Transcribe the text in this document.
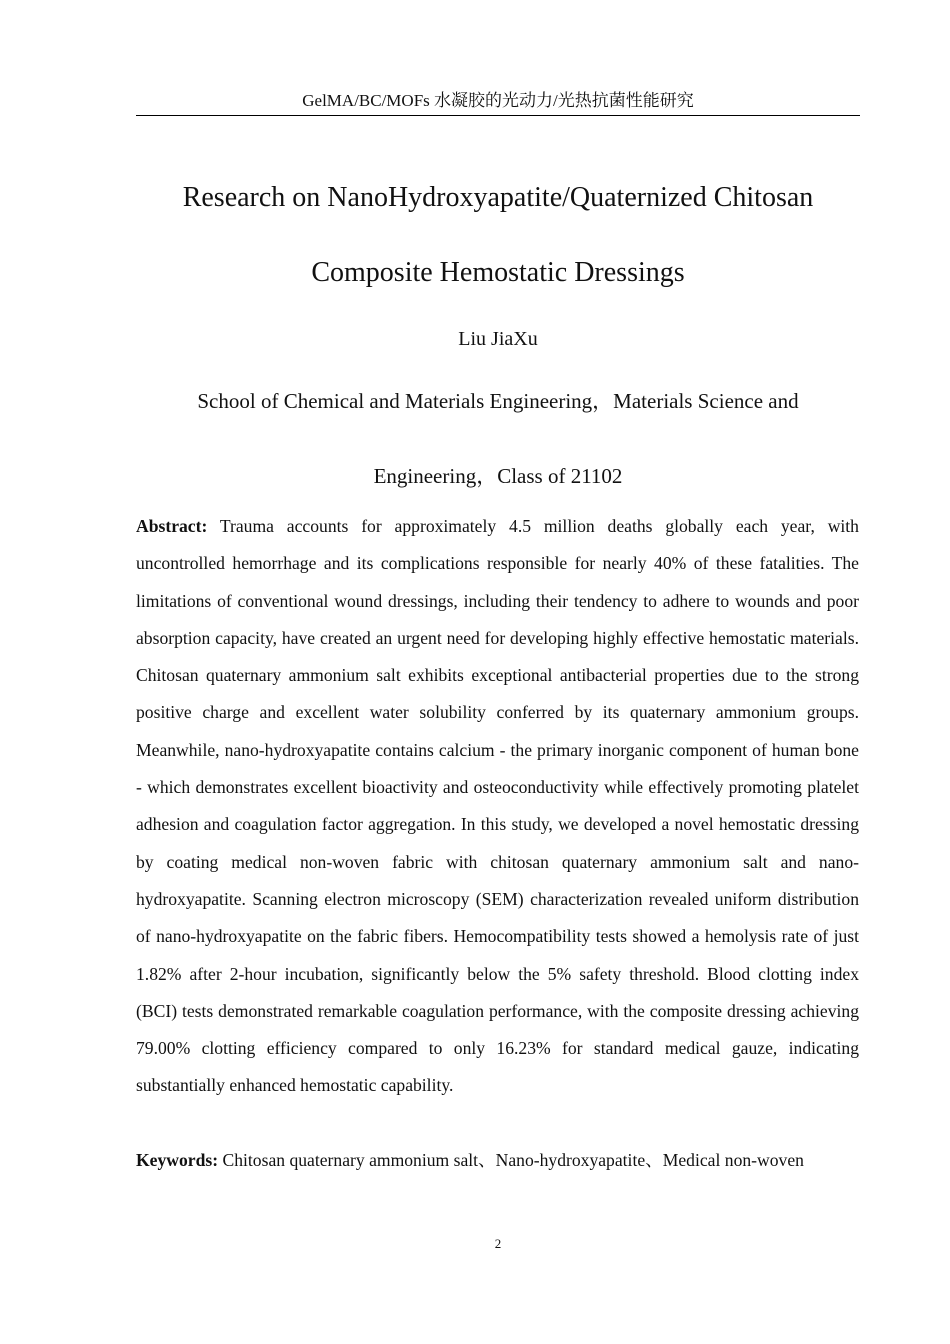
GelMA/BC/MOFs 水凝胶的光动力/光热抗菌性能研究
Research on NanoHydroxyapatite/Quaternized Chitosan
Composite Hemostatic Dressings
Liu JiaXu
School of Chemical and Materials Engineering，Materials Science and
Engineering，Class of 21102

Abstract: Trauma accounts for approximately 4.5 million deaths globally each year, with uncontrolled hemorrhage and its complications responsible for nearly 40% of these fatalities. The limitations of conventional wound dressings, including their tendency to adhere to wounds and poor absorption capacity, have created an urgent need for developing highly effective hemostatic materials. Chitosan quaternary ammonium salt exhibits exceptional antibacterial properties due to the strong positive charge and excellent water solubility conferred by its quaternary ammonium groups. Meanwhile, nano-hydroxyapatite contains calcium - the primary inorganic component of human bone - which demonstrates excellent bioactivity and osteoconductivity while effectively promoting platelet adhesion and coagulation factor aggregation. In this study, we developed a novel hemostatic dressing by coating medical non-woven fabric with chitosan quaternary ammonium salt and nano-hydroxyapatite. Scanning electron microscopy (SEM) characterization revealed uniform distribution of nano-hydroxyapatite on the fabric fibers. Hemocompatibility tests showed a hemolysis rate of just 1.82% after 2-hour incubation, significantly below the 5% safety threshold. Blood clotting index (BCI) tests demonstrated remarkable coagulation performance, with the composite dressing achieving 79.00% clotting efficiency compared to only 16.23% for standard medical gauze, indicating substantially enhanced hemostatic capability.

Keywords: Chitosan quaternary ammonium salt、Nano-hydroxyapatite、Medical non-woven

2
